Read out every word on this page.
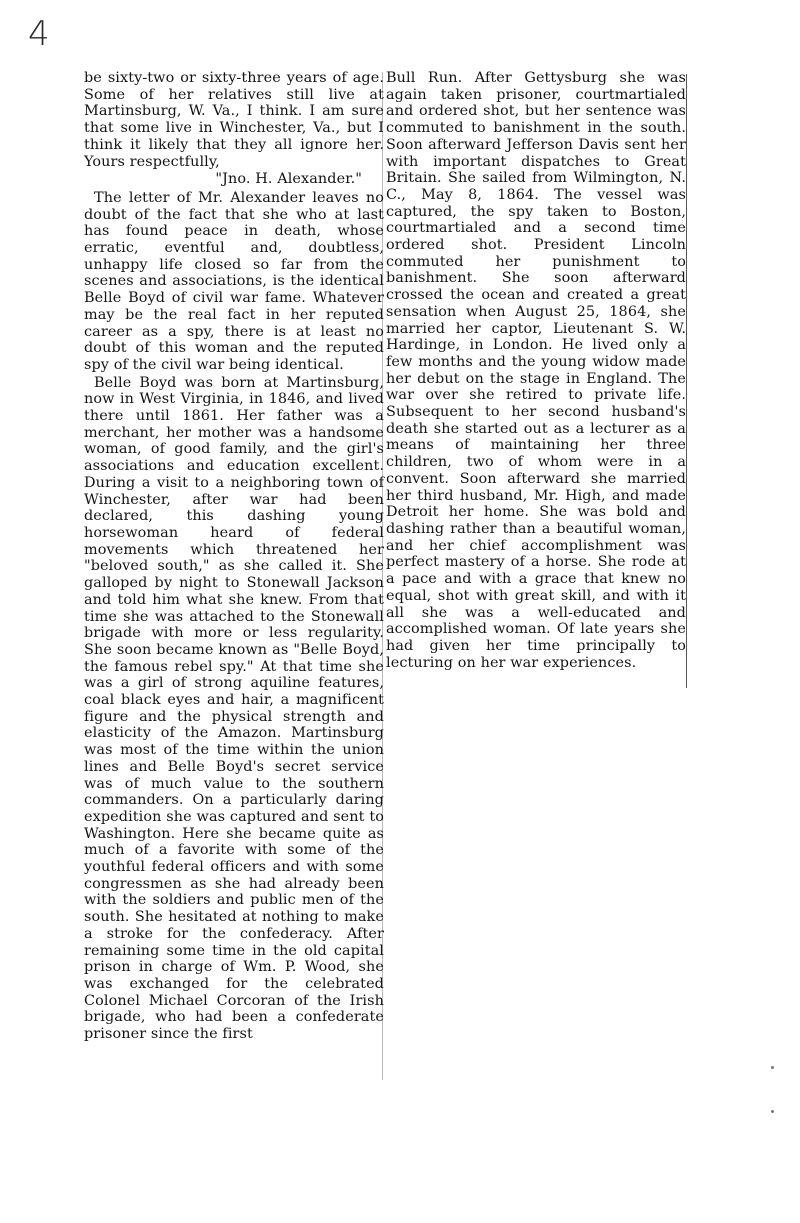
4

be sixty-two or sixty-three years of age. Some of her relatives still live at Martinsburg, W. Va., I think. I am sure that some live in Winchester, Va., but I think it likely that they all ignore her. Yours respectfully,

"Jno. H. Alexander."

The letter of Mr. Alexander leaves no doubt of the fact that she who at last has found peace in death, whose erratic, eventful and, doubtless, unhappy life closed so far from the scenes and associations, is the identical Belle Boyd of civil war fame. Whatever may be the real fact in her reputed career as a spy, there is at least no doubt of this woman and the reputed spy of the civil war being identical.

Belle Boyd was born at Martinsburg, now in West Virginia, in 1846, and lived there until 1861. Her father was a merchant, her mother was a handsome woman, of good family, and the girl's associations and education excellent. During a visit to a neighboring town of Winchester, after war had been declared, this dashing young horsewoman heard of federal movements which threatened her "beloved south," as she called it. She galloped by night to Stonewall Jackson and told him what she knew. From that time she was attached to the Stonewall brigade with more or less regularity. She soon became known as "Belle Boyd, the famous rebel spy." At that time she was a girl of strong aquiline features, coal black eyes and hair, a magnificent figure and the physical strength and elasticity of the Amazon. Martinsburg was most of the time within the union lines and Belle Boyd's secret service was of much value to the southern commanders. On a particularly daring expedition she was captured and sent to Washington. Here she became quite as much of a favorite with some of the youthful federal officers and with some congressmen as she had already been with the soldiers and public men of the south. She hesitated at nothing to make a stroke for the confederacy. After remaining some time in the old capital prison in charge of Wm. P. Wood, she was exchanged for the celebrated Colonel Michael Corcoran of the Irish brigade, who had been a confederate prisoner since the first

Bull Run. After Gettysburg she was again taken prisoner, courtmartialed and ordered shot, but her sentence was commuted to banishment in the south. Soon afterward Jefferson Davis sent her with important dispatches to Great Britain. She sailed from Wilmington, N. C., May 8, 1864. The vessel was captured, the spy taken to Boston, courtmartialed and a second time ordered shot. President Lincoln commuted her punishment to banishment. She soon afterward crossed the ocean and created a great sensation when August 25, 1864, she married her captor, Lieutenant S. W. Hardinge, in London. He lived only a few months and the young widow made her debut on the stage in England. The war over she retired to private life. Subsequent to her second husband's death she started out as a lecturer as a means of maintaining her three children, two of whom were in a convent. Soon afterward she married her third husband, Mr. High, and made Detroit her home. She was bold and dashing rather than a beautiful woman, and her chief accomplishment was perfect mastery of a horse. She rode at a pace and with a grace that knew no equal, shot with great skill, and with it all she was a well-educated and accomplished woman. Of late years she had given her time principally to lecturing on her war experiences.
